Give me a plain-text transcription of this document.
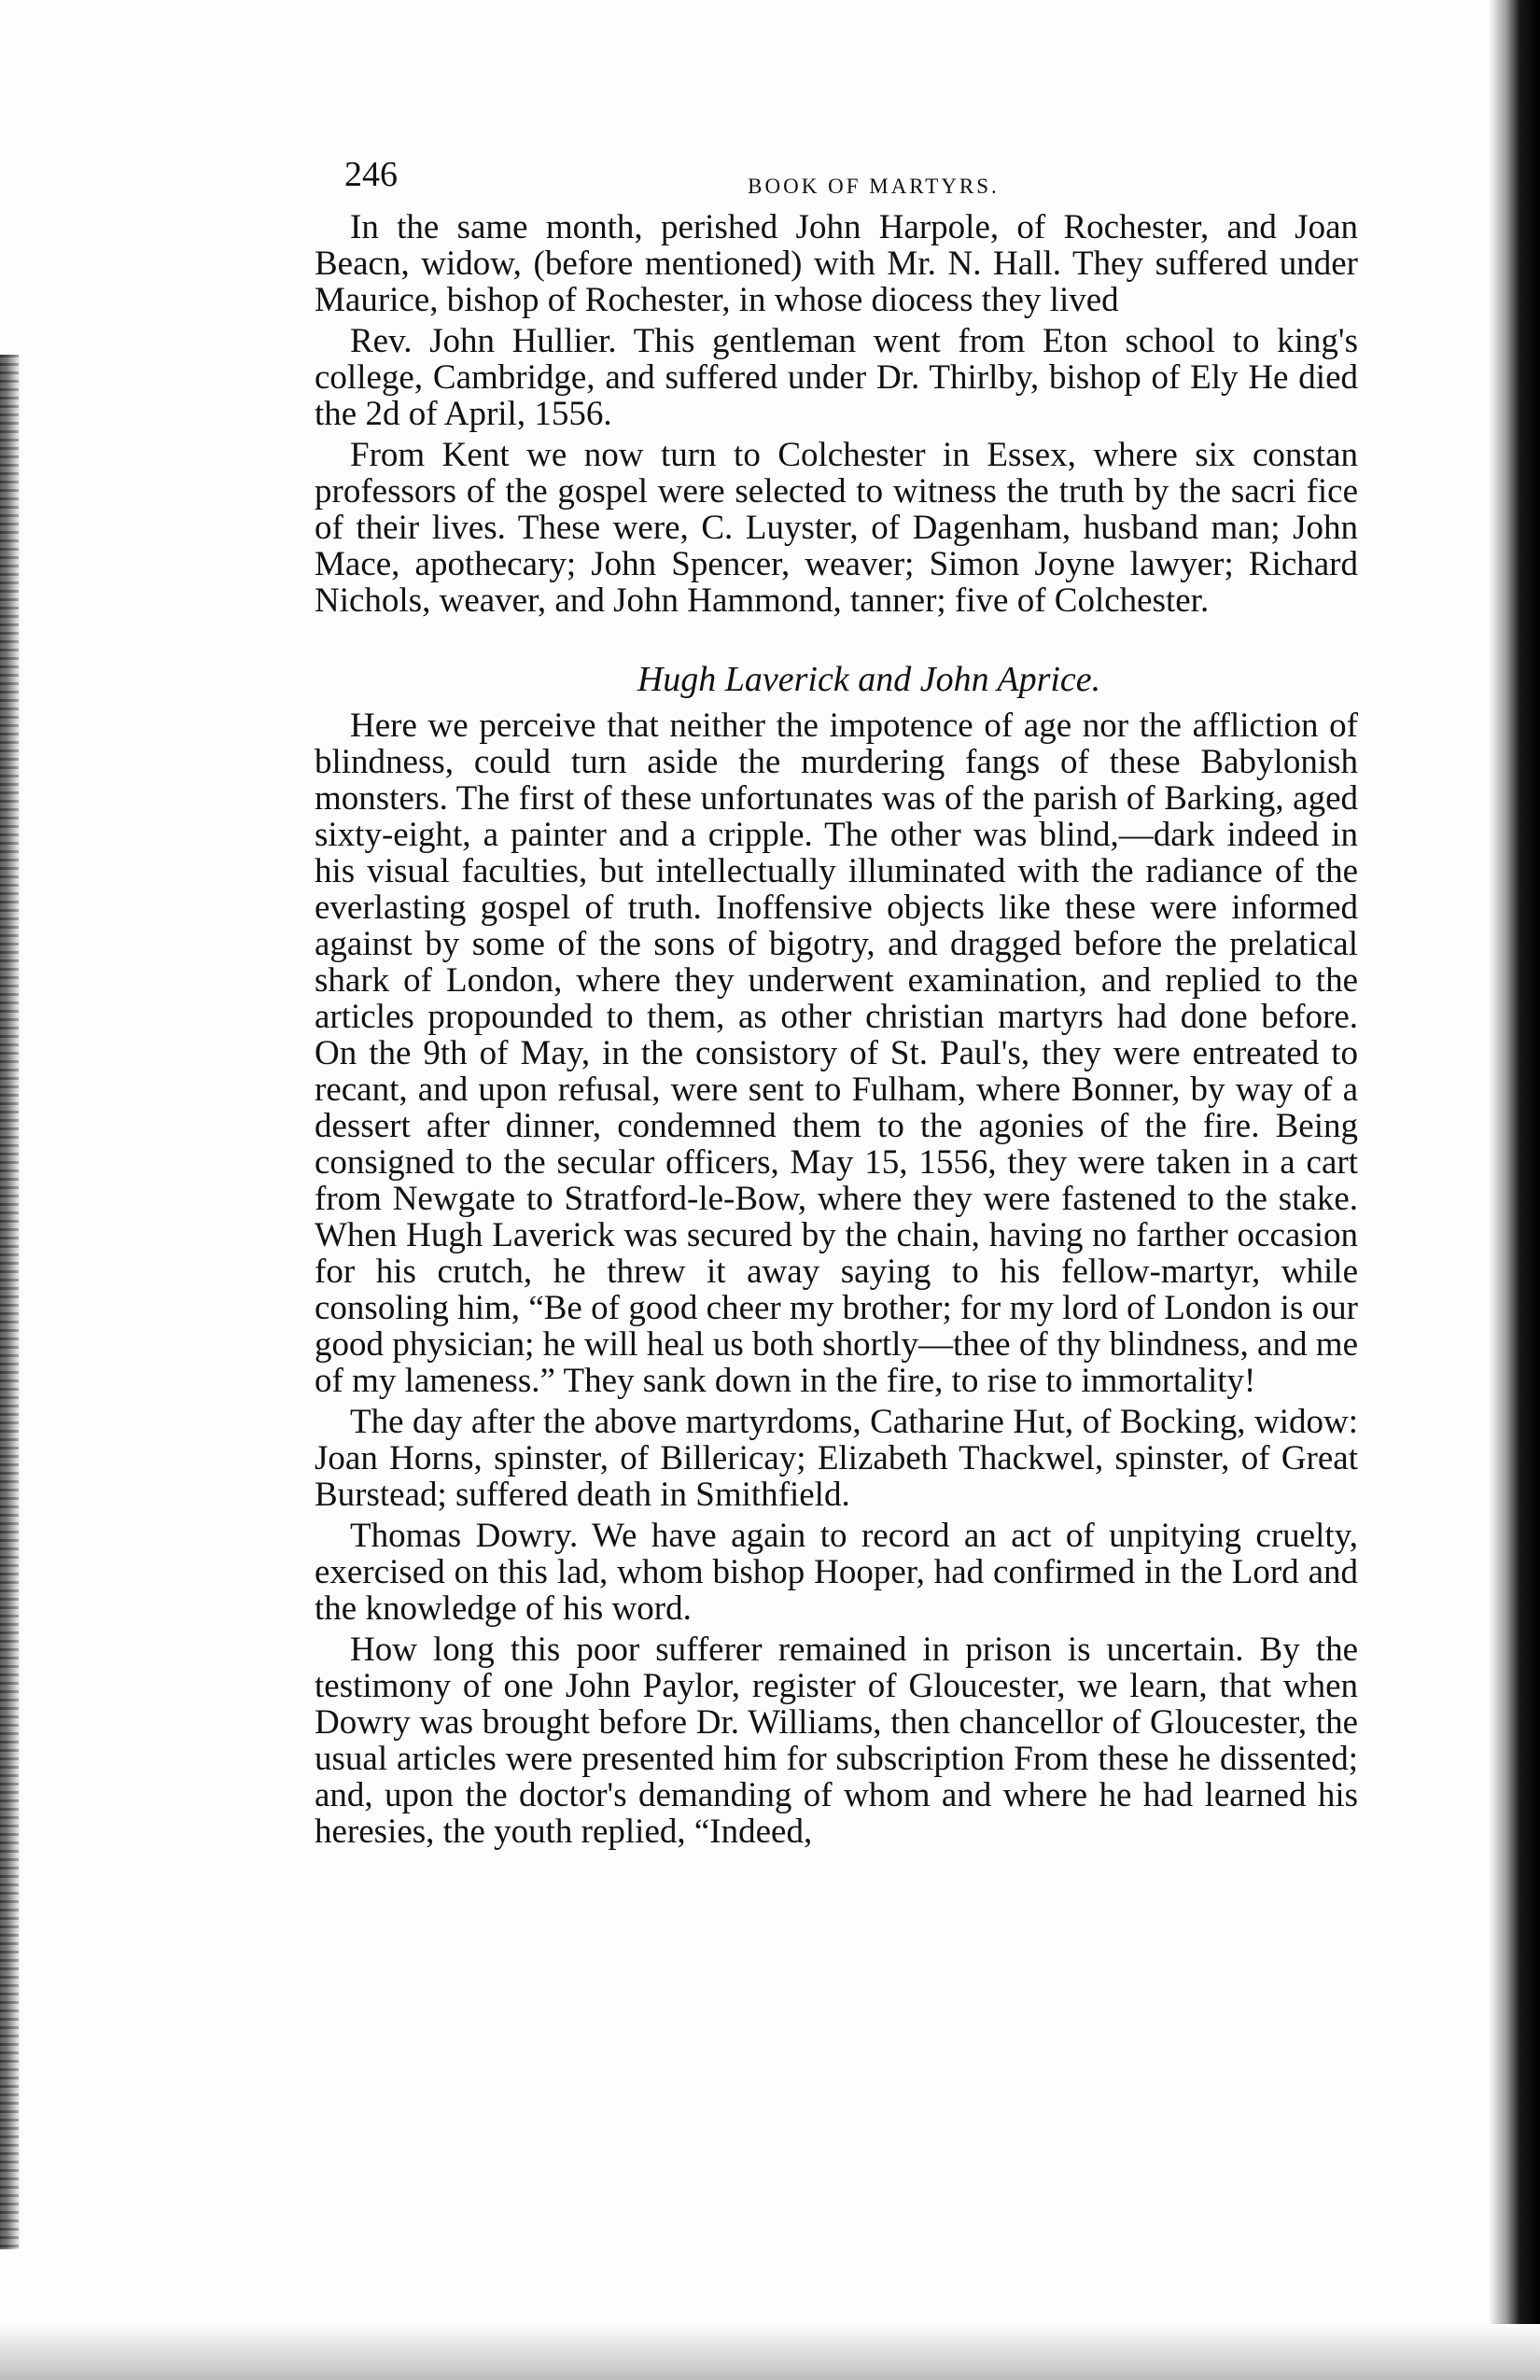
246	BOOK OF MARTYRS.

In the same month, perished John Harpole, of Rochester, and Joan Beacn, widow, (before mentioned) with Mr. N. Hall. They suffered under Maurice, bishop of Rochester, in whose diocess they lived

Rev. John Hullier. This gentleman went from Eton school to king's college, Cambridge, and suffered under Dr. Thirlby, bishop of Ely He died the 2d of April, 1556.

From Kent we now turn to Colchester in Essex, where six constan professors of the gospel were selected to witness the truth by the sacri fice of their lives. These were, C. Luyster, of Dagenham, husband man; John Mace, apothecary; John Spencer, weaver; Simon Joyne lawyer; Richard Nichols, weaver, and John Hammond, tanner; five of Colchester.

Hugh Laverick and John Aprice.

Here we perceive that neither the impotence of age nor the affliction of blindness, could turn aside the murdering fangs of these Babylonish monsters. The first of these unfortunates was of the parish of Barking, aged sixty-eight, a painter and a cripple. The other was blind,—dark indeed in his visual faculties, but intellectually illuminated with the radiance of the everlasting gospel of truth. Inoffensive objects like these were informed against by some of the sons of bigotry, and dragged before the prelatical shark of London, where they underwent examination, and replied to the articles propounded to them, as other christian martyrs had done before. On the 9th of May, in the consistory of St. Paul's, they were entreated to recant, and upon refusal, were sent to Fulham, where Bonner, by way of a dessert after dinner, condemned them to the agonies of the fire. Being consigned to the secular officers, May 15, 1556, they were taken in a cart from Newgate to Stratford-le-Bow, where they were fastened to the stake. When Hugh Laverick was secured by the chain, having no farther occasion for his crutch, he threw it away saying to his fellow-martyr, while consoling him, “Be of good cheer my brother; for my lord of London is our good physician; he will heal us both shortly—thee of thy blindness, and me of my lameness.” They sank down in the fire, to rise to immortality!

The day after the above martyrdoms, Catharine Hut, of Bocking, widow: Joan Horns, spinster, of Billericay; Elizabeth Thackwel, spinster, of Great Burstead; suffered death in Smithfield.

Thomas Dowry. We have again to record an act of unpitying cruelty, exercised on this lad, whom bishop Hooper, had confirmed in the Lord and the knowledge of his word.

How long this poor sufferer remained in prison is uncertain. By the testimony of one John Paylor, register of Gloucester, we learn, that when Dowry was brought before Dr. Williams, then chancellor of Gloucester, the usual articles were presented him for subscription From these he dissented; and, upon the doctor's demanding of whom and where he had learned his heresies, the youth replied, “Indeed,
